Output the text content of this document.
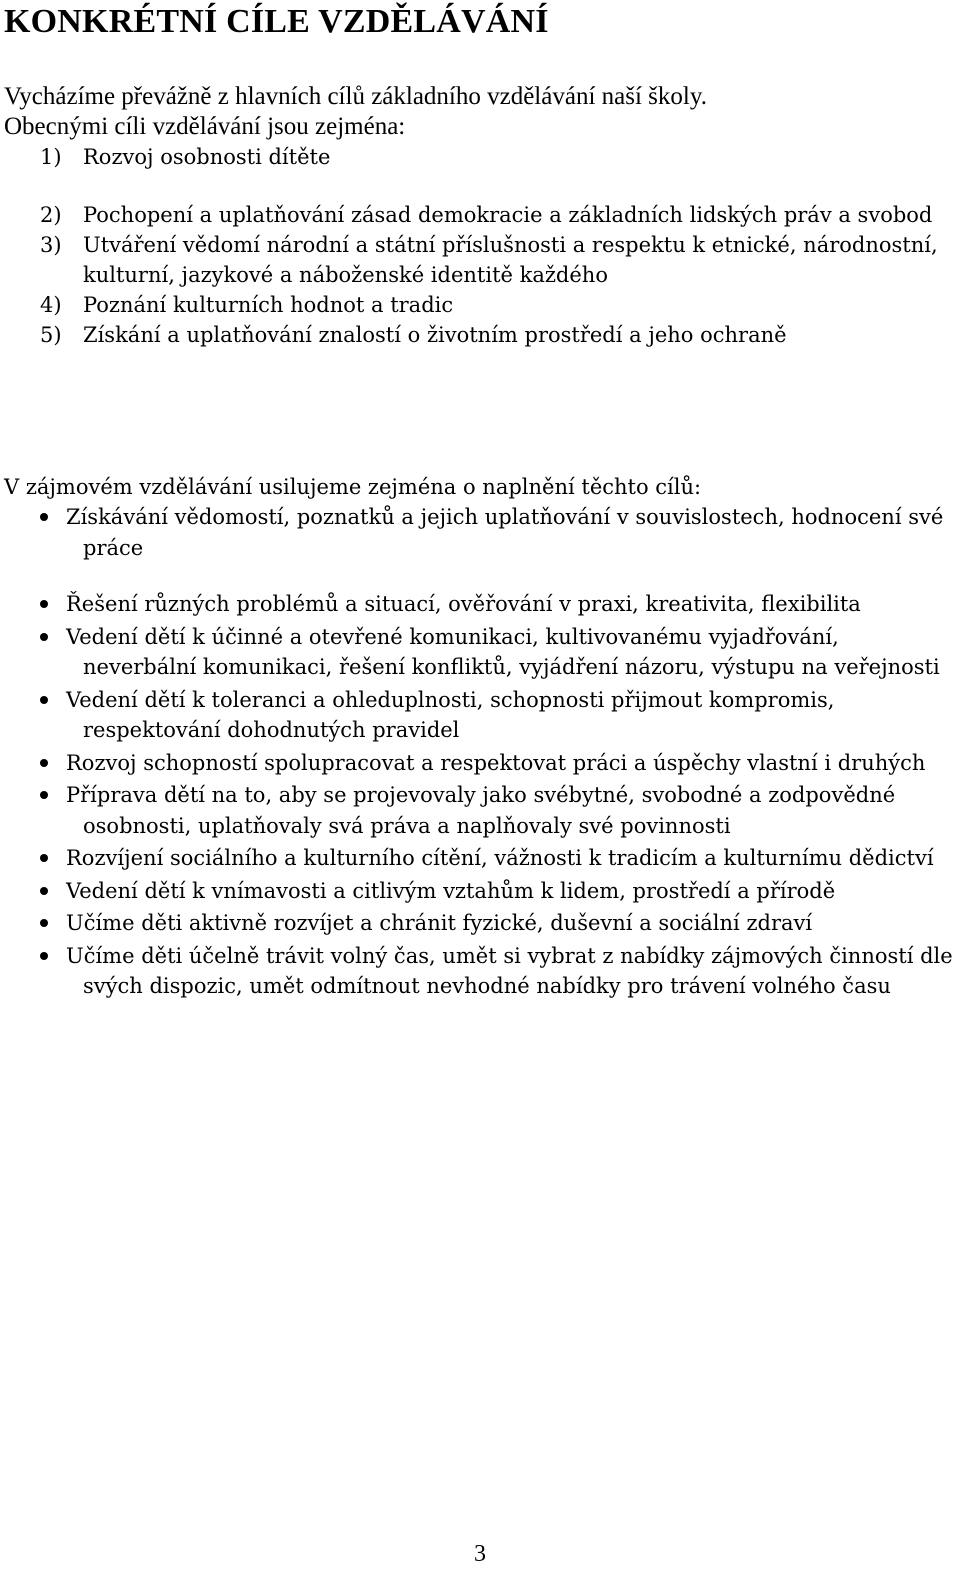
KONKRÉTNÍ CÍLE VZDĚLÁVÁNÍ
Vycházíme převážně z hlavních cílů základního vzdělávání naší školy.
Obecnými cíli vzdělávání jsou zejména:
1) Rozvoj osobnosti dítěte
2) Pochopení a uplatňování zásad demokracie a základních lidských práv a svobod
3) Utváření vědomí národní a státní příslušnosti a respektu k etnické, národnostní, kulturní, jazykové a náboženské identitě každého
4) Poznání kulturních hodnot a tradic
5) Získání a uplatňování znalostí o životním prostředí a jeho ochraně
V zájmovém vzdělávání usilujeme zejména o naplnění těchto cílů:
Získávání vědomostí, poznatků a jejich uplatňování v souvislostech, hodnocení své práce
Řešení různých problémů a situací, ověřování v praxi, kreativita, flexibilita
Vedení dětí k účinné a otevřené komunikaci, kultivovanému vyjadřování, neverbální komunikaci, řešení konfliktů, vyjádření názoru, výstupu na veřejnosti
Vedení dětí k toleranci a ohleduplnosti, schopnosti přijmout kompromis, respektování dohodnutých pravidel
Rozvoj schopností spolupracovat a respektovat práci a úspěchy vlastní i druhých
Příprava dětí na to, aby se projevovaly jako svébytné, svobodné a zodpovědné osobnosti, uplatňovaly svá práva a naplňovaly své povinnosti
Rozvíjení sociálního a kulturního cítění, vážnosti k tradicím a kulturnímu dědictví
Vedení dětí k vnímavosti a citlivým vztahům k lidem, prostředí a přírodě
Učíme děti aktivně rozvíjet a chránit fyzické, duševní a sociální zdraví
Učíme děti účelně trávit volný čas, umět si vybrat z nabídky zájmových činností dle svých dispozic, umět odmítnout nevhodné nabídky pro trávení volného času
3
